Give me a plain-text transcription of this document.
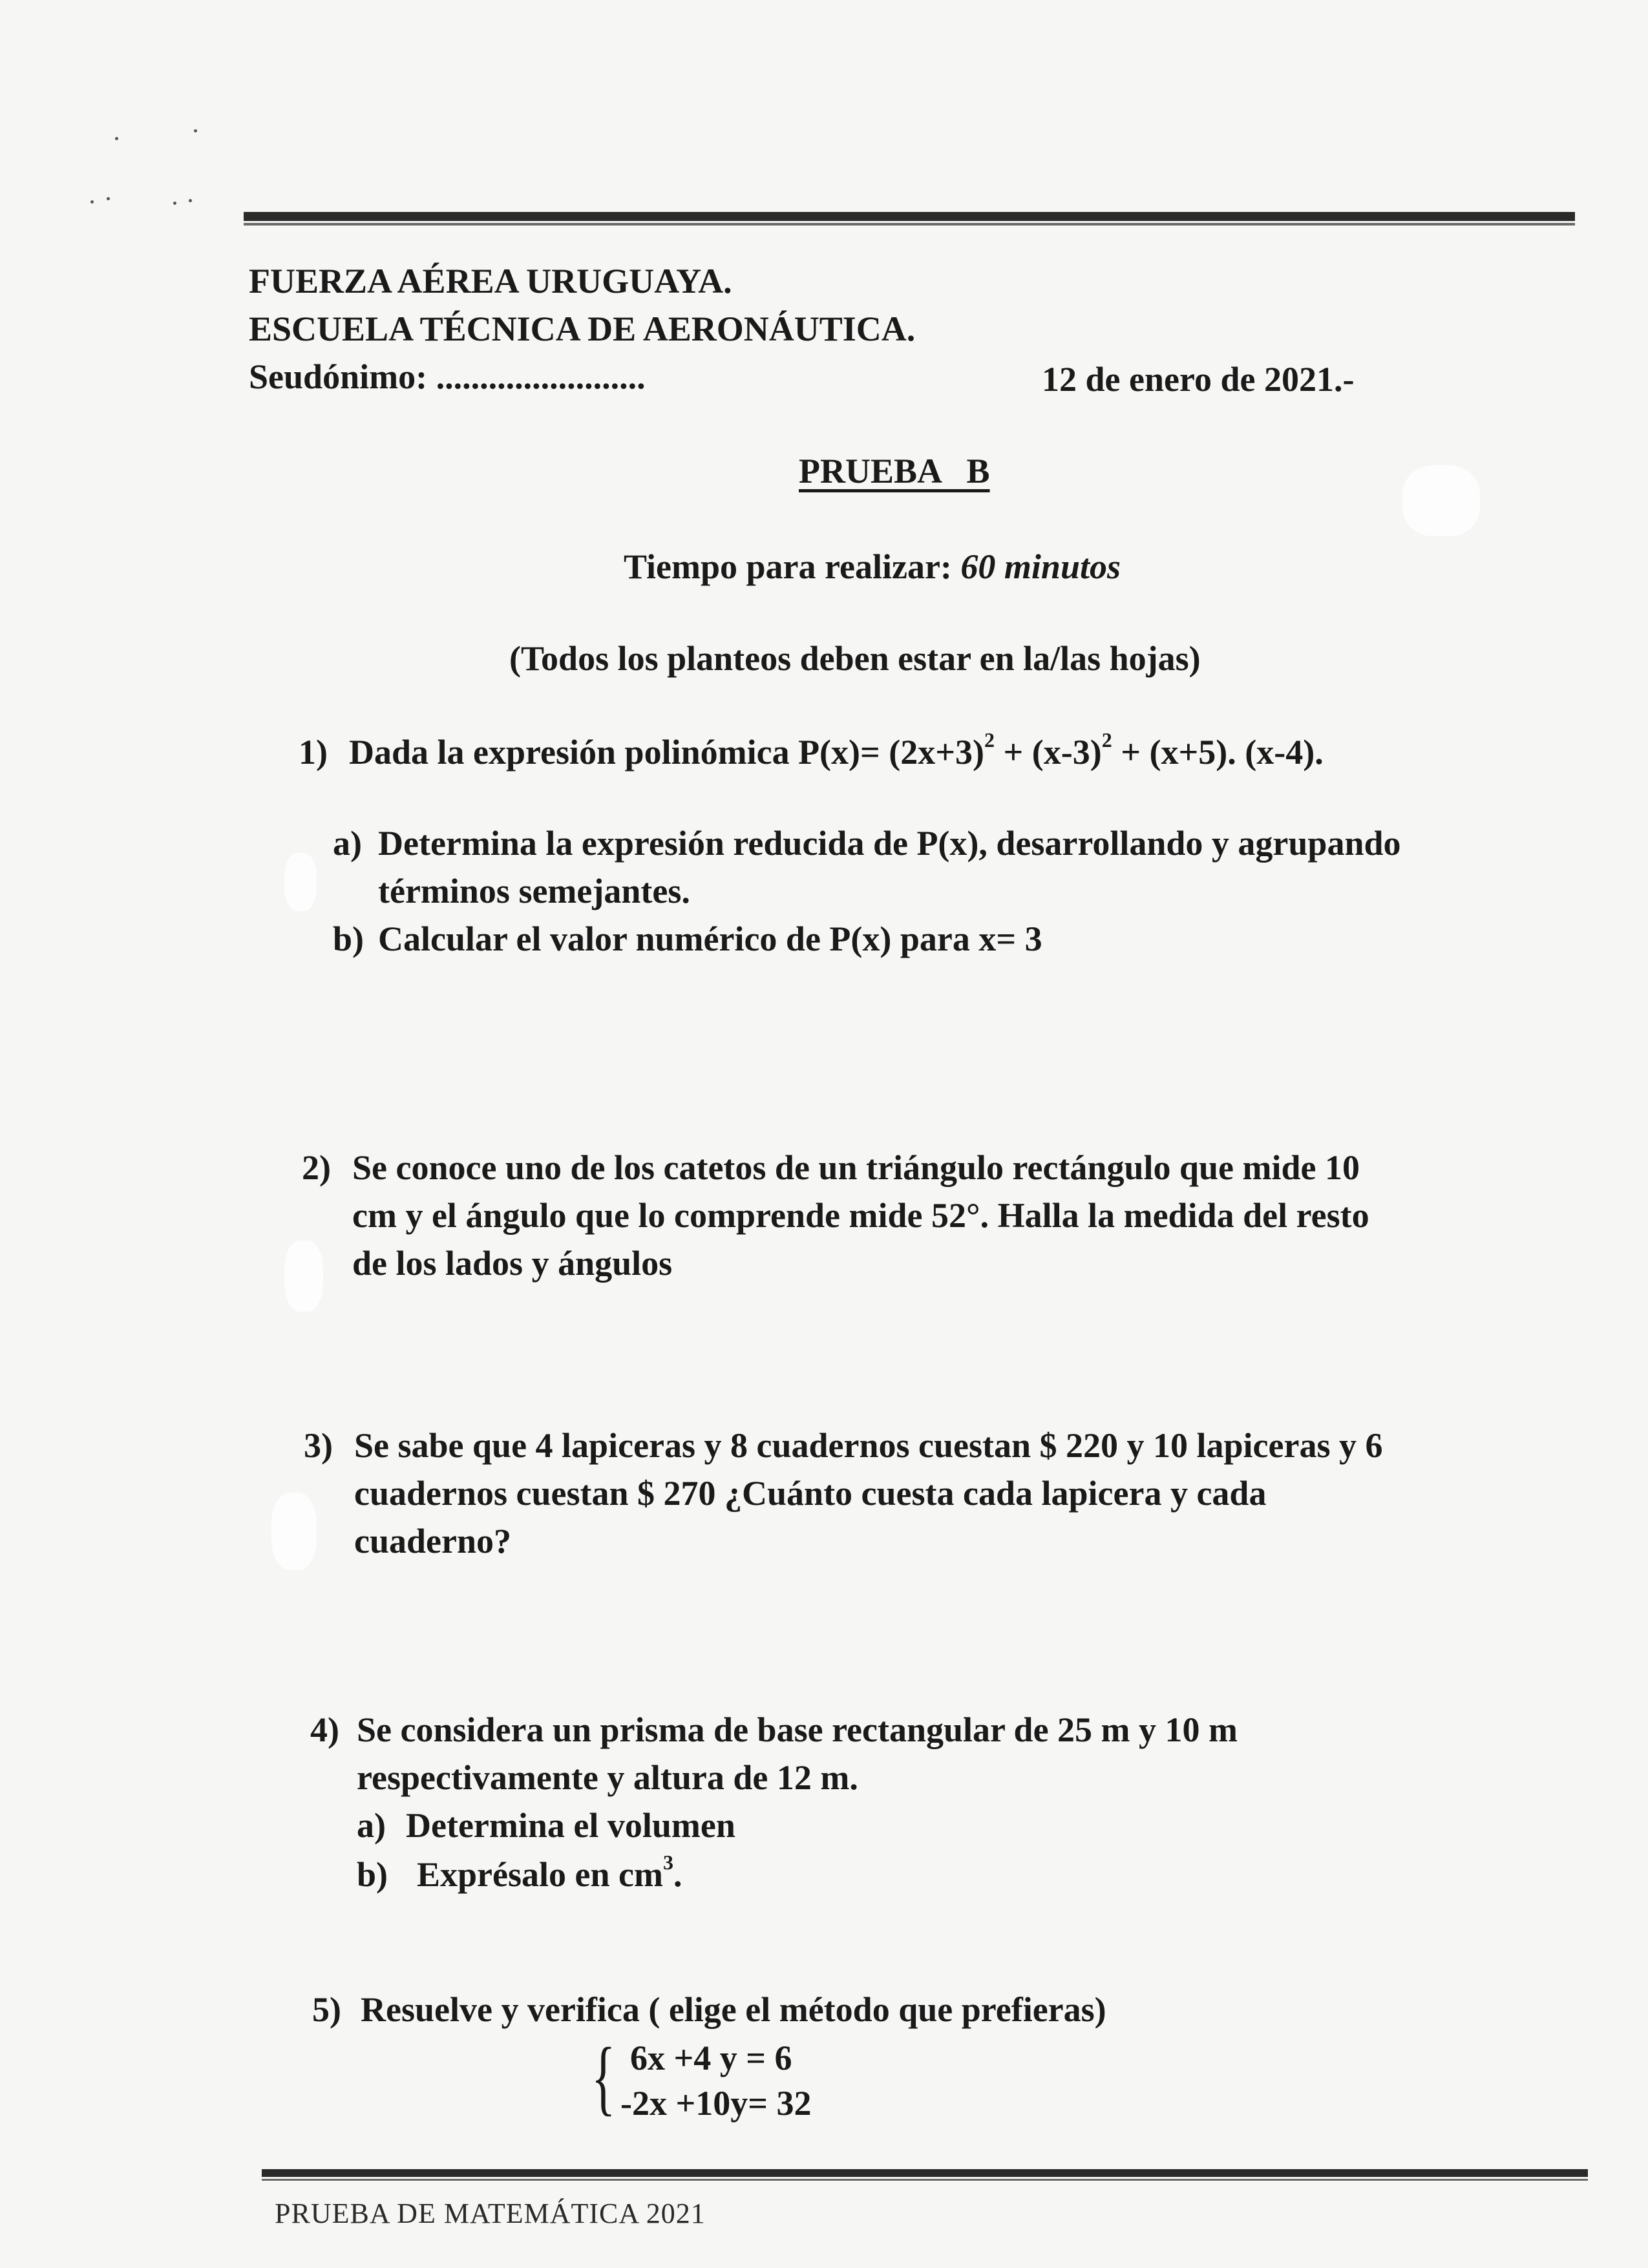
FUERZA AÉREA URUGUAYA.
ESCUELA TÉCNICA DE AERONÁUTICA.
Seudónimo: ........................	12 de enero de 2021.-
PRUEBA   B
Tiempo para realizar: 60 minutos
(Todos los planteos deben estar en la/las hojas)
1) Dada la expresión polinómica $P(x)= (2x+3)^2 + (x-3)^2 + (x+5)$. (x-4).
a) Determina la expresión reducida de P(x), desarrollando y agrupando
términos semejantes.
b) Calcular el valor numérico de P(x) para x= 3
2) Se conoce uno de los catetos de un triángulo rectángulo que mide 10
cm y el ángulo que lo comprende mide 52°. Halla la medida del resto
de los lados y ángulos
3) Se sabe que 4 lapiceras y 8 cuadernos cuestan $ 220 y 10 lapiceras y 6
cuadernos cuestan $ 270 ¿Cuánto cuesta cada lapicera y cada
cuaderno?
4) Se considera un prisma de base rectangular de 25 m y 10 m
respectivamente y altura de 12 m.
a) Determina el volumen
b) Exprésalo en $cm^3$.
5) Resuelve y verifica ( elige el método que prefieras)
{ 6x +4 y = 6
-2x +10y= 32
PRUEBA DE MATEMÁTICA 2021
